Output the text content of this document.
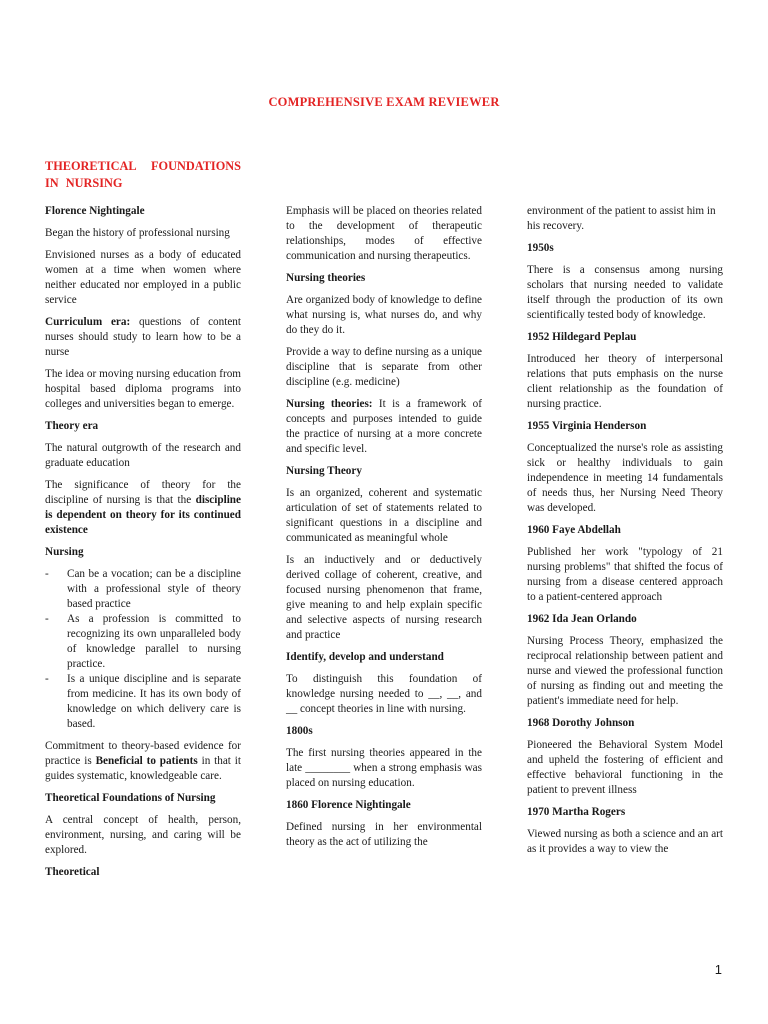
COMPREHENSIVE EXAM REVIEWER
THEORETICAL FOUNDATIONS IN NURSING
Florence Nightingale

Began the history of professional nursing

Envisioned nurses as a body of educated women at a time when women where neither educated nor employed in a public service

Curriculum era: questions of content nurses should study to learn how to be a nurse

The idea or moving nursing education from hospital based diploma programs into colleges and universities began to emerge.

Theory era

The natural outgrowth of the research and graduate education

The significance of theory for the discipline of nursing is that the discipline is dependent on theory for its continued existence

Nursing
- Can be a vocation; can be a discipline with a professional style of theory based practice
- As a profession is committed to recognizing its own unparalleled body of knowledge parallel to nursing practice.
- Is a unique discipline and is separate from medicine. It has its own body of knowledge on which delivery care is based.

Commitment to theory-based evidence for practice is Beneficial to patients in that it guides systematic, knowledgeable care.

Theoretical Foundations of Nursing

A central concept of health, person, environment, nursing, and caring will be explored.

Theoretical

Emphasis will be placed on theories related to the development of therapeutic relationships, modes of effective communication and nursing therapeutics.

Nursing theories

Are organized body of knowledge to define what nursing is, what nurses do, and why do they do it.

Provide a way to define nursing as a unique discipline that is separate from other discipline (e.g. medicine)

Nursing theories: It is a framework of concepts and purposes intended to guide the practice of nursing at a more concrete and specific level.

Nursing Theory

Is an organized, coherent and systematic articulation of set of statements related to significant questions in a discipline and communicated as meaningful whole

Is an inductively and or deductively derived collage of coherent, creative, and focused nursing phenomenon that frame, give meaning to and help explain specific and selective aspects of nursing research and practice

Identify, develop and understand

To distinguish this foundation of knowledge nursing needed to __, __, and __ concept theories in line with nursing.

1800s

The first nursing theories appeared in the late ________ when a strong emphasis was placed on nursing education.

1860 Florence Nightingale

Defined nursing in her environmental theory as the act of utilizing the

environment of the patient to assist him in his recovery.

1950s

There is a consensus among nursing scholars that nursing needed to validate itself through the production of its own scientifically tested body of knowledge.

1952 Hildegard Peplau

Introduced her theory of interpersonal relations that puts emphasis on the nurse client relationship as the foundation of nursing practice.

1955 Virginia Henderson

Conceptualized the nurse's role as assisting sick or healthy individuals to gain independence in meeting 14 fundamentals of needs thus, her Nursing Need Theory was developed.

1960 Faye Abdellah

Published her work "typology of 21 nursing problems" that shifted the focus of nursing from a disease centered approach to a patient-centered approach

1962 Ida Jean Orlando

Nursing Process Theory, emphasized the reciprocal relationship between patient and nurse and viewed the professional function of nursing as finding out and meeting the patient's immediate need for help.

1968 Dorothy Johnson

Pioneered the Behavioral System Model and upheld the fostering of efficient and effective behavioral functioning in the patient to prevent illness

1970 Martha Rogers

Viewed nursing as both a science and an art as it provides a way to view the

1
